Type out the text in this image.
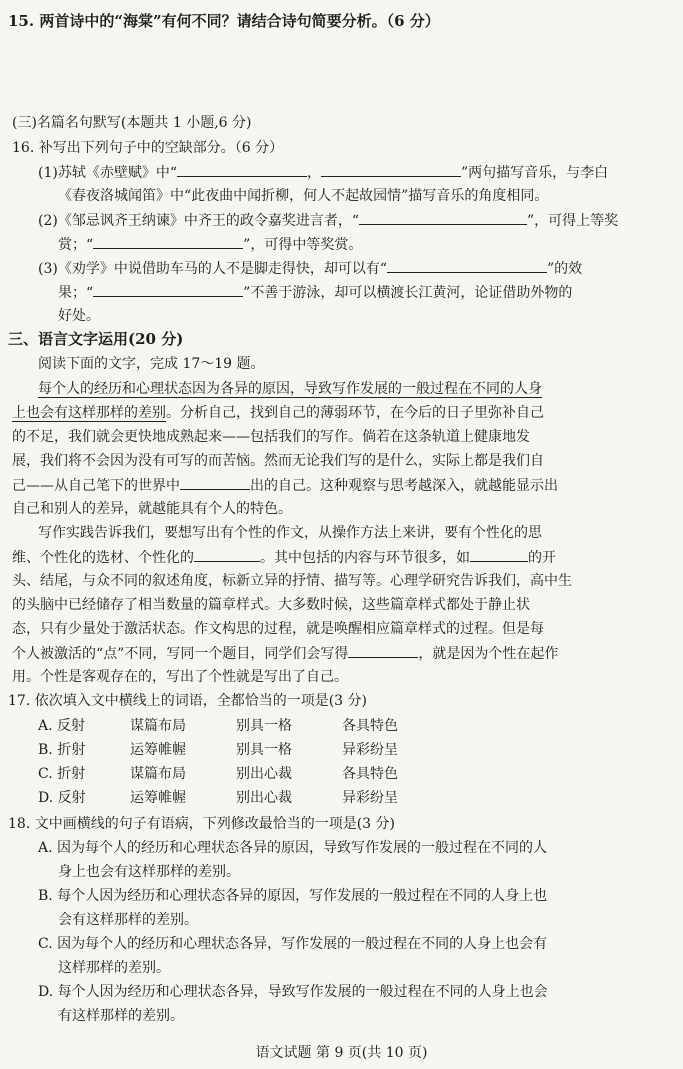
15. 两首诗中的“海棠”有何不同？请结合诗句简要分析。（6 分）
(三)名篇名句默写(本题共 1 小题,6 分)
16. 补写出下列句子中的空缺部分。（6 分）
(1)苏轼《赤壁赋》中“	，	”两句描写音乐，与李白
《春夜洛城闻笛》中“此夜曲中闻折柳，何人不起故园情”描写音乐的角度相同。
(2)《邹忌讽齐王纳谏》中齐王的政令嘉奖进言者，“	”，可得上等奖
赏；“	”，可得中等奖赏。
(3)《劝学》中说借助车马的人不是脚走得快，却可以有“	”的效
果；“	”不善于游泳，却可以横渡长江黄河，论证借助外物的
好处。
三、语言文字运用(20 分)
阅读下面的文字，完成 17～19 题。
每个人的经历和心理状态因为各异的原因，导致写作发展的一般过程在不同的人身
上也会有这样那样的差别。分析自己，找到自己的薄弱环节，在今后的日子里弥补自己
的不足，我们就会更快地成熟起来——包括我们的写作。倘若在这条轨道上健康地发
展，我们将不会因为没有可写的而苦恼。然而无论我们写的是什么，实际上都是我们自
己——从自己笔下的世界中	出的自己。这种观察与思考越深入，就越能显示出
自己和别人的差异，就越能具有个人的特色。
写作实践告诉我们，要想写出有个性的作文，从操作方法上来讲，要有个性化的思
维、个性化的选材、个性化的	。其中包括的内容与环节很多，如	的开
头、结尾，与众不同的叙述角度，标新立异的抒情、描写等。心理学研究告诉我们，高中生
的头脑中已经储存了相当数量的篇章样式。大多数时候，这些篇章样式都处于静止状
态，只有少量处于激活状态。作文构思的过程，就是唤醒相应篇章样式的过程。但是每
个人被激活的“点”不同，写同一个题目，同学们会写得	，就是因为个性在起作
用。个性是客观存在的，写出了个性就是写出了自己。
17. 依次填入文中横线上的词语，全都恰当的一项是(3 分)
A. 反射	谋篇布局	别具一格	各具特色
B. 折射	运筹帷幄	别具一格	异彩纷呈
C. 折射	谋篇布局	别出心裁	各具特色
D. 反射	运筹帷幄	别出心裁	异彩纷呈
18. 文中画横线的句子有语病，下列修改最恰当的一项是(3 分)
A. 因为每个人的经历和心理状态各异的原因，导致写作发展的一般过程在不同的人
身上也会有这样那样的差别。
B. 每个人因为经历和心理状态各异的原因，写作发展的一般过程在不同的人身上也
会有这样那样的差别。
C. 因为每个人的经历和心理状态各异，写作发展的一般过程在不同的人身上也会有
这样那样的差别。
D. 每个人因为经历和心理状态各异，导致写作发展的一般过程在不同的人身上也会
有这样那样的差别。
语文试题 第 9 页(共 10 页)
